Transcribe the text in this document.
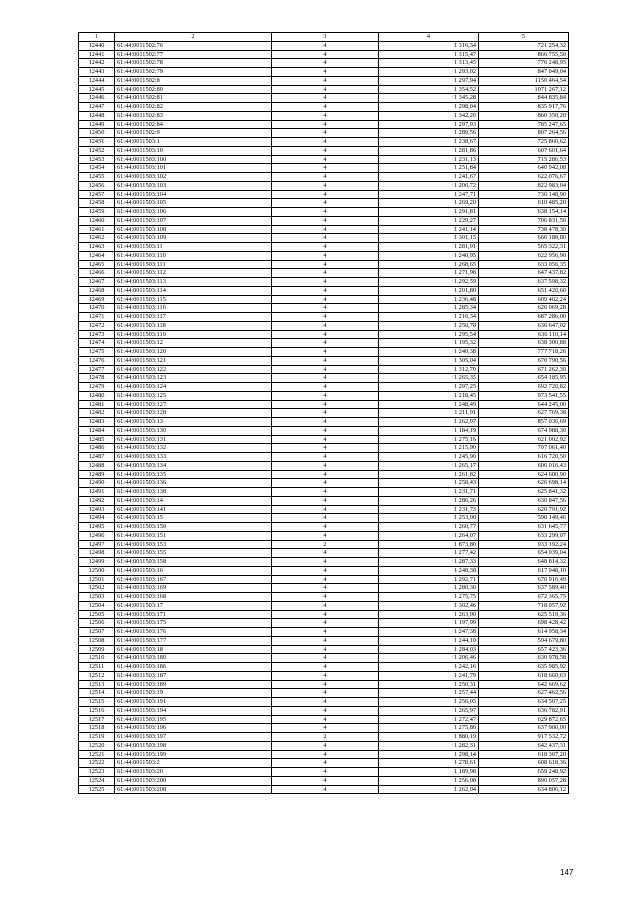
1	2	3	4	5
12440	61:44:0011502:76	4	1 316,34	721 254,32
12441	61:44:0011502:77	4	1 315,47	866 755,50
12442	61:44:0011502:78	4	1 313,45	776 248,95
12443	61:44:0011502:79	4	1 293,02	847 049,04
12444	61:44:0011502:8	4	1 297,94	1150 464,54
12445	61:44:0011502:80	4	1 354,52	1071 267,12
12446	61:44:0011502:81	4	1 345,28	844 835,84
12447	61:44:0011502:82	4	1 298,04	835 917,76
12448	61:44:0011502:83	4	1 342,20	860 350,20
12449	61:44:0011502:84	4	1 297,93	785 247,65
12450	61:44:0011502:9	4	1 289,56	807 264,56
12451	61:44:0011503:1	4	1 238,67	725 860,62
12452	61:44:0011503:10	4	1 281,86	607 601,64
12453	61:44:0011503:100	4	1 231,13	715 286,53
12454	61:44:0011503:101	4	1 251,84	640 942,08
12455	61:44:0011503:102	4	1 241,67	622 076,67
12456	61:44:0011503:103	4	1 206,72	822 983,04
12457	61:44:0011503:104	4	1 247,71	736 148,90
12458	61:44:0011503:105	4	1 269,20	610 485,20
12459	61:44:0011503:106	4	1 291,81	638 154,14
12460	61:44:0011503:107	4	1 229,27	706 831,50
12461	61:44:0011503:108	4	1 241,14	738 478,30
12462	61:44:0011503:109	4	1 301,15	666 188,80
12463	61:44:0011503:11	4	1 281,91	565 322,31
12464	61:44:0011503:110	4	1 240,95	622 956,90
12465	61:44:0011503:111	4	1 268,65	633 056,35
12466	61:44:0011503:112	4	1 271,98	647 437,82
12467	61:44:0011503:113	4	1 292,59	637 598,32
12468	61:44:0011503:114	4	1 201,80	651 420,60
12469	61:44:0011503:115	4	1 236,48	609 402,24
12470	61:44:0011503:116	4	1 285,34	626 069,28
12471	61:44:0011503:117	4	1 216,34	687 286,00
12472	61:44:0011503:118	4	1 250,78	636 647,02
12473	61:44:0011503:119	4	1 295,54	636 110,14
12474	61:44:0011503:12	4	1 195,32	638 300,88
12475	61:44:0011503:120	4	1 240,38	777 718,26
12476	61:44:0011503:121	4	1 305,04	670 790,56
12477	61:44:0011503:122	4	1 312,70	671 262,30
12478	61:44:0011503:123	4	1 265,35	654 185,95
12479	61:44:0011503:124	4	1 297,25	692 720,82
12480	61:44:0011503:125	4	1 218,45	973 541,55
12481	61:44:0011503:127	4	1 248,49	644 245,00
12482	61:44:0011503:128	4	1 211,91	627 769,38
12483	61:44:0011503:13	4	1 262,97	857 036,69
12484	61:44:0011503:130	4	1 184,19	674 988,30
12485	61:44:0011503:131	4	1 275,16	621 002,92
12486	61:44:0011503:132	4	1 215,90	707 061,40
12487	61:44:0011503:133	4	1 245,90	616 720,50
12488	61:44:0011503:134	4	1 265,17	606 016,43
12489	61:44:0011503:135	4	1 261,82	624 600,90
12490	61:44:0011503:136	4	1 258,43	626 698,14
12491	61:44:0011503:138	4	1 231,71	625 841,32
12492	61:44:0011503:14	4	1 286,26	630 847,56
12493	61:44:0011503:141	4	1 231,73	620 791,92
12494	61:44:0011503:15	4	1 253,00	598 149,46
12495	61:44:0011503:150	4	1 260,77	631 645,77
12496	61:44:0011503:151	4	1 264,07	633 299,07
12497	61:44:0011503:153	2	1 873,80	933 192,24
12498	61:44:0011503:155	4	1 277,42	654 039,04
12499	61:44:0011503:158	4	1 287,33	648 814,32
12500	61:44:0011503:16	4	1 248,38	617 948,10
12501	61:44:0011503:167	4	1 292,71	670 916,49
12502	61:44:0011503:169	4	1 280,30	637 589,40
12503	61:44:0011503:168	4	1 275,75	672 365,75
12504	61:44:0011503:17	4	1 302,46	718 957,92
12505	61:44:0011503:171	4	1 263,90	625 519,36
12506	61:44:0011503:175	4	1 197,99	698 428,42
12507	61:44:0011503:176	4	1 247,38	614 958,34
12508	61:44:0011503:177	4	1 244,10	594 679,80
12509	61:44:0011503:18	4	1 284,03	657 423,36
12510	61:44:0011503:180	4	1 206,46	630 978,58
12511	61:44:0011503:186	4	1 242,16	635 985,92
12512	61:44:0011503:187	4	1 241,79	618 660,63
12513	61:44:0011503:189	4	1 250,31	642 669,62
12514	61:44:0011503:19	4	1 257,44	627 462,56
12515	61:44:0011503:191	4	1 256,05	634 507,25
12516	61:44:0011503:194	4	1 265,97	636 782,91
12517	61:44:0011503:195	4	1 272,47	629 872,65
12518	61:44:0011503:196	4	1 275,80	637 900,00
12519	61:44:0011503:197	2	1 880,19	917 532,72
12520	61:44:0011503:198	4	1 282,31	642 437,31
12521	61:44:0011503:199	4	1 298,14	618 307,20
12522	61:44:0011503:2	4	1 278,61	608 618,36
12523	61:44:0011503:20	4	1 189,98	659 248,92
12524	61:44:0011503:200	4	1 256,08	896 057,28
12525	61:44:0011503:208	4	1 262,04	634 806,12
147
